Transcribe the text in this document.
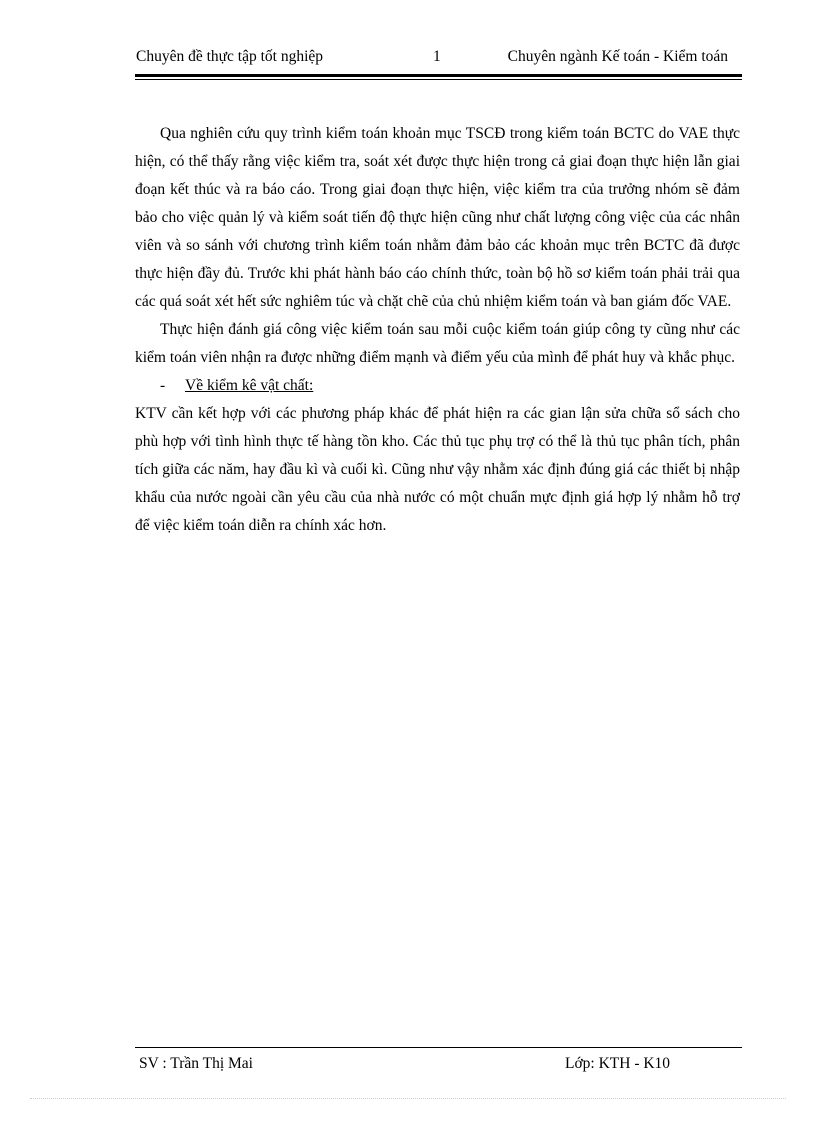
Chuyên đề thực tập tốt nghiệp	1	Chuyên ngành Kế toán - Kiểm toán

Qua nghiên cứu quy trình kiểm toán khoản mục TSCĐ trong kiểm toán BCTC do VAE thực hiện, có thể thấy rằng việc kiểm tra, soát xét được thực hiện trong cả giai đoạn thực hiện lẫn giai đoạn kết thúc và ra báo cáo. Trong giai đoạn thực hiện, việc kiểm tra của trưởng nhóm sẽ đảm bảo cho việc quản lý và kiểm soát tiến độ thực hiện cũng như chất lượng công việc của các nhân viên và so sánh với chương trình kiểm toán nhằm đảm bảo các khoản mục trên BCTC đã được thực hiện đầy đủ. Trước khi phát hành báo cáo chính thức, toàn bộ hồ sơ kiểm toán phải trải qua các quá soát xét hết sức nghiêm túc và chặt chẽ của chủ nhiệm kiểm toán và ban giám đốc VAE.

Thực hiện đánh giá công việc kiểm toán sau mỗi cuộc kiểm toán giúp công ty cũng như các kiểm toán viên nhận ra được những điểm mạnh và điểm yếu của mình để phát huy và khắc phục.

- Về kiểm kê vật chất:

KTV cần kết hợp với các phương pháp khác để phát hiện ra các gian lận sửa chữa sổ sách cho phù hợp với tình hình thực tế hàng tồn kho. Các thủ tục phụ trợ có thể là thủ tục phân tích, phân tích giữa các năm, hay đầu kì và cuối kì. Cũng như vậy nhằm xác định đúng giá các thiết bị nhập khẩu của nước ngoài cần yêu cầu của nhà nước có một chuẩn mực định giá hợp lý nhằm hỗ trợ để việc kiểm toán diễn ra chính xác hơn.

SV : Trần Thị Mai	Lớp: KTH - K10
